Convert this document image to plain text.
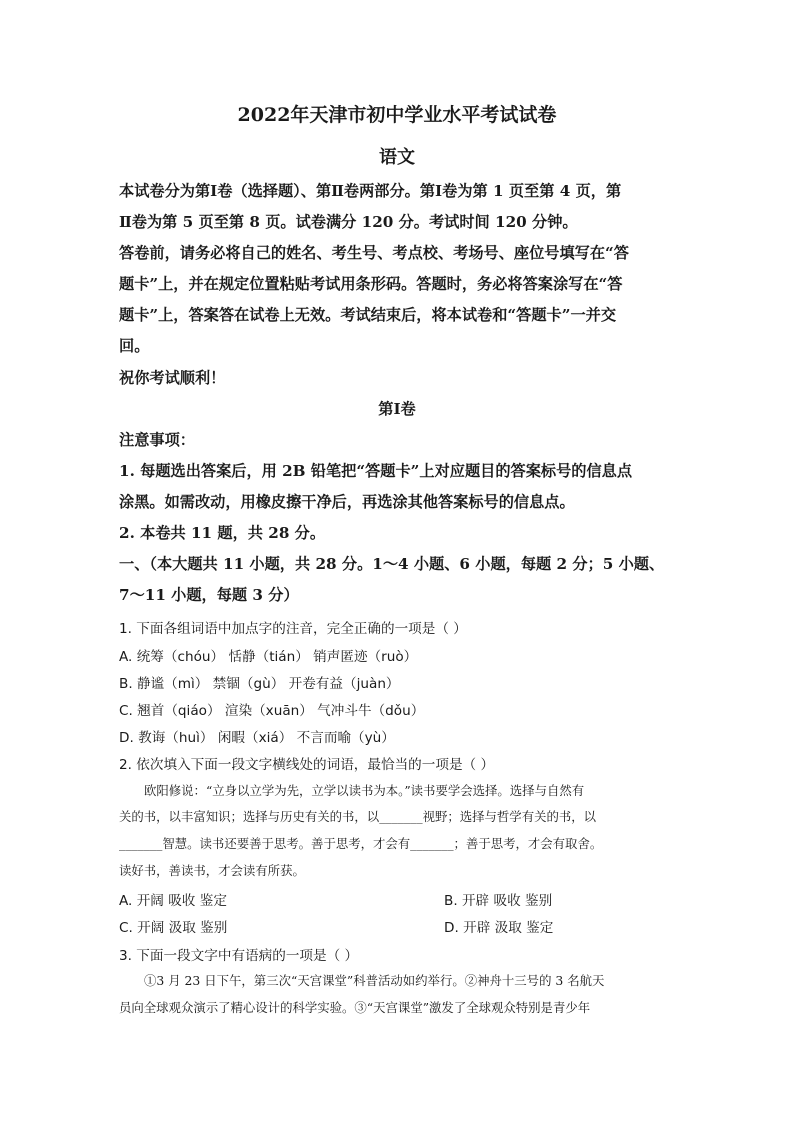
2022年天津市初中学业水平考试试卷
语文
本试卷分为第Ⅰ卷（选择题）、第Ⅱ卷两部分。第Ⅰ卷为第 1 页至第 4 页，第
Ⅱ卷为第 5 页至第 8 页。试卷满分 120 分。考试时间 120 分钟。
答卷前，请务必将自己的姓名、考生号、考点校、考场号、座位号填写在“答
题卡”上，并在规定位置粘贴考试用条形码。答题时，务必将答案涂写在“答
题卡”上，答案答在试卷上无效。考试结束后，将本试卷和“答题卡”一并交
回。
祝你考试顺利！
第Ⅰ卷
注意事项：
1. 每题选出答案后，用 2B 铅笔把“答题卡”上对应题目的答案标号的信息点
涂黑。如需改动，用橡皮擦干净后，再选涂其他答案标号的信息点。
2. 本卷共 11 题，共 28 分。
一、（本大题共 11 小题，共 28 分。1～4 小题、6 小题，每题 2 分；5 小题、
7～11 小题，每题 3 分）
1. 下面各组词语中加点字的注音，完全正确的一项是（ ）
A. 统筹（chóu） 恬静（tián） 销声匿迹（ruò）
B. 静谧（mì） 禁锢（gù） 开卷有益（juàn）
C. 翘首（qiáo） 渲染（xuān） 气冲斗牛（dǒu）
D. 教诲（huì） 闲暇（xiá） 不言而喻（yù）
2. 依次填入下面一段文字横线处的词语，最恰当的一项是（ ）
欧阳修说：“立身以立学为先，立学以读书为本。”读书要学会选择。选择与自然有
关的书，以丰富知识；选择与历史有关的书，以_______视野；选择与哲学有关的书，以
_______智慧。读书还要善于思考。善于思考，才会有_______；善于思考，才会有取舍。
读好书，善读书，才会读有所获。
A. 开阔 吸收 鉴定	B. 开辟 吸收 鉴别
C. 开阔 汲取 鉴别	D. 开辟 汲取 鉴定
3. 下面一段文字中有语病的一项是（ ）
①3 月 23 日下午，第三次“天宫课堂”科普活动如约举行。②神舟十三号的 3 名航天
员向全球观众演示了精心设计的科学实验。③“天宫课堂”激发了全球观众特别是青少年
